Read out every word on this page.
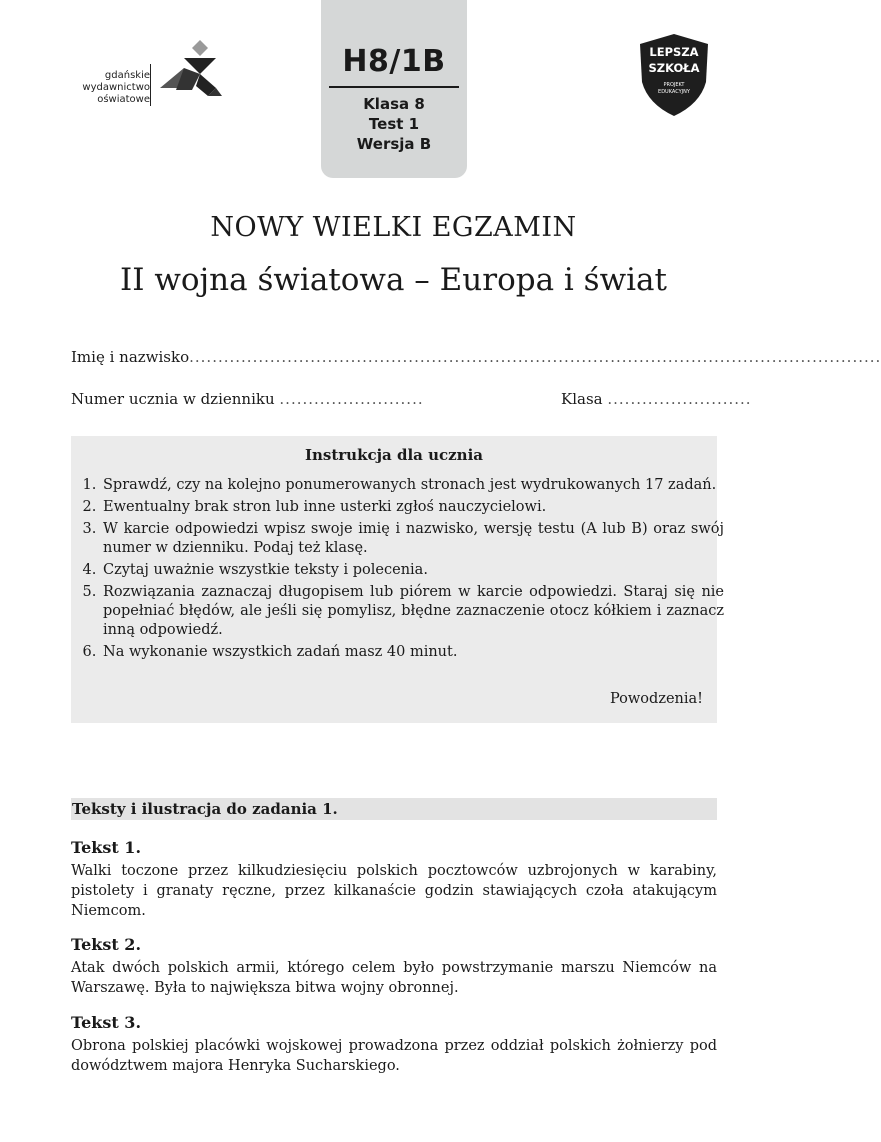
gdańskie
wydawnictwo
oświatowe
H8/1B
Klasa 8
Test 1
Wersja B
LEPSZA
SZKOŁA
PROJEKT
EDUKACYJNY
NOWY WIELKI EGZAMIN
II wojna światowa – Europa i świat
Imię i nazwisko........................................................................................................................
Numer ucznia w dzienniku .........................	Klasa .........................
Instrukcja dla ucznia
1. Sprawdź, czy na kolejno ponumerowanych stronach jest wydrukowanych 17 zadań.
2. Ewentualny brak stron lub inne usterki zgłoś nauczycielowi.
3. W karcie odpowiedzi wpisz swoje imię i nazwisko, wersję testu (A lub B) oraz swój numer w dzienniku. Podaj też klasę.
4. Czytaj uważnie wszystkie teksty i polecenia.
5. Rozwiązania zaznaczaj długopisem lub piórem w karcie odpowiedzi. Staraj się nie popełniać błędów, ale jeśli się pomylisz, błędne zaznaczenie otocz kółkiem i zaznacz inną odpowiedź.
6. Na wykonanie wszystkich zadań masz 40 minut.
Powodzenia!
Teksty i ilustracja do zadania 1.
Tekst 1.

Walki toczone przez kilkudziesięciu polskich pocztowców uzbrojonych w karabiny, pistolety i granaty ręczne, przez kilkanaście godzin stawiających czoła atakującym Niemcom.

Tekst 2.

Atak dwóch polskich armii, którego celem było powstrzymanie marszu Niemców na Warszawę. Była to największa bitwa wojny obronnej.

Tekst 3.

Obrona polskiej placówki wojskowej prowadzona przez oddział polskich żołnierzy pod dowództwem majora Henryka Sucharskiego.
